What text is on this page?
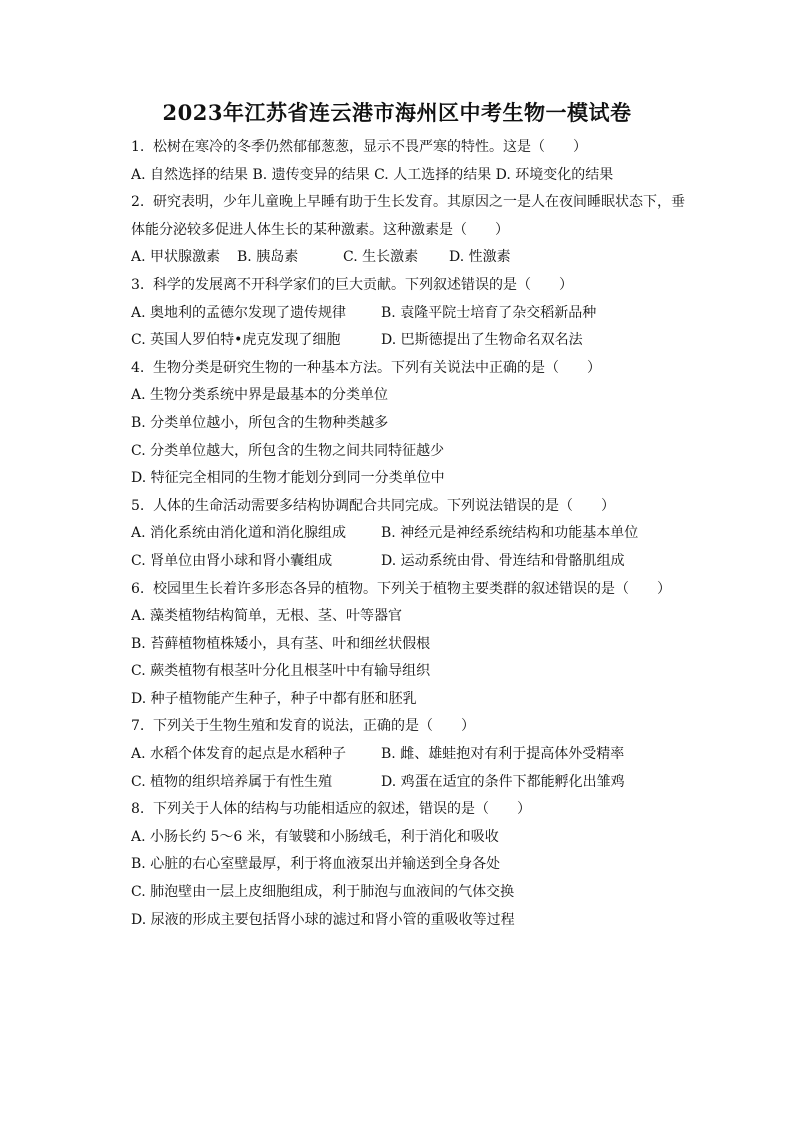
2023年江苏省连云港市海州区中考生物一模试卷
1. 松树在寒冷的冬季仍然郁郁葱葱，显示不畏严寒的特性。这是（　　）
A. 自然选择的结果 B. 遗传变异的结果 C. 人工选择的结果 D. 环境变化的结果
2. 研究表明，少年儿童晚上早睡有助于生长发育。其原因之一是人在夜间睡眠状态下，垂
体能分泌较多促进人体生长的某种激素。这种激素是（　　）
A. 甲状腺激素	B. 胰岛素	C. 生长激素	D. 性激素
3. 科学的发展离不开科学家们的巨大贡献。下列叙述错误的是（　　）
A. 奥地利的孟德尔发现了遗传规律	B. 袁隆平院士培育了杂交稻新品种
C. 英国人罗伯特•虎克发现了细胞	D. 巴斯德提出了生物命名双名法
4. 生物分类是研究生物的一种基本方法。下列有关说法中正确的是（　　）
A. 生物分类系统中界是最基本的分类单位
B. 分类单位越小，所包含的生物种类越多
C. 分类单位越大，所包含的生物之间共同特征越少
D. 特征完全相同的生物才能划分到同一分类单位中
5. 人体的生命活动需要多结构协调配合共同完成。下列说法错误的是（　　）
A. 消化系统由消化道和消化腺组成	B. 神经元是神经系统结构和功能基本单位
C. 肾单位由肾小球和肾小囊组成	D. 运动系统由骨、骨连结和骨骼肌组成
6. 校园里生长着许多形态各异的植物。下列关于植物主要类群的叙述错误的是（　　）
A. 藻类植物结构简单，无根、茎、叶等器官
B. 苔藓植物植株矮小，具有茎、叶和细丝状假根
C. 蕨类植物有根茎叶分化且根茎叶中有输导组织
D. 种子植物能产生种子，种子中都有胚和胚乳
7. 下列关于生物生殖和发育的说法，正确的是（　　）
A. 水稻个体发育的起点是水稻种子	B. 雌、雄蛙抱对有利于提高体外受精率
C. 植物的组织培养属于有性生殖	D. 鸡蛋在适宜的条件下都能孵化出雏鸡
8. 下列关于人体的结构与功能相适应的叙述，错误的是（　　）
A. 小肠长约 5～6 米，有皱襞和小肠绒毛，利于消化和吸收
B. 心脏的右心室壁最厚，利于将血液泵出并输送到全身各处
C. 肺泡壁由一层上皮细胞组成，利于肺泡与血液间的气体交换
D. 尿液的形成主要包括肾小球的滤过和肾小管的重吸收等过程
